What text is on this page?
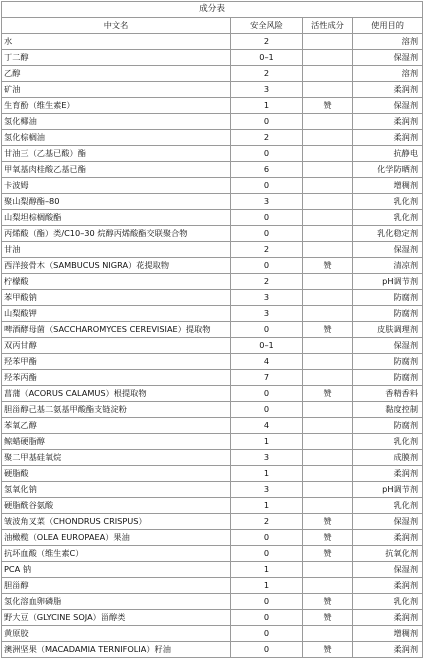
成分表			
中文名	安全风险	活性成分	使用目的
水	2		溶剂
丁二醇	0–1		保湿剂
乙醇	2		溶剂
矿油	3		柔润剂
生育酚（维生素E）	1	赞	保湿剂
氢化椰油	0		柔润剂
氢化棕榈油	2		柔润剂
甘油三（乙基已酸）酯	0		抗静电
甲氧基肉桂酸乙基已酯	6		化学防晒剂
卡波姆	0		增稠剂
聚山梨醇酯–80	3		乳化剂
山梨坦棕榈酸酯	0		乳化剂
丙烯酸（酯）类/C10–30 烷醇丙烯酸酯交联聚合物	0		乳化稳定剂
甘油	2		保湿剂
西洋接骨木（SAMBUCUS NIGRA）花提取物	0	赞	清凉剂
柠檬酸	2		pH调节剂
苯甲酸钠	3		防腐剂
山梨酸钾	3		防腐剂
啤酒酵母菌（SACCHAROMYCES CEREVISIAE）提取物	0	赞	皮肤调理剂
双丙甘醇	0–1		保湿剂
羟苯甲酯	4		防腐剂
羟苯丙酯	7		防腐剂
菖蒲（ACORUS CALAMUS）根提取物	0	赞	香精香料
胆甾醇己基二氨基甲酸酯支链淀粉	0		黏度控制
苯氧乙醇	4		防腐剂
鲸蜡硬脂醇	1		乳化剂
聚二甲基硅氧烷	3		成膜剂
硬脂酸	1		柔润剂
氢氧化钠	3		pH调节剂
硬脂酰谷氨酸	1		乳化剂
皱波角叉菜（CHONDRUS CRISPUS）	2	赞	保湿剂
油橄榄（OLEA EUROPAEA）果油	0	赞	柔润剂
抗坏血酸（维生素C）	0	赞	抗氧化剂
PCA 钠	1		保湿剂
胆甾醇	1		柔润剂
氢化溶血卵磷脂	0	赞	乳化剂
野大豆（GLYCINE SOJA）甾醇类	0	赞	柔润剂
黄原胶	0		增稠剂
澳洲坚果（MACADAMIA TERNIFOLIA）籽油	0	赞	柔润剂
